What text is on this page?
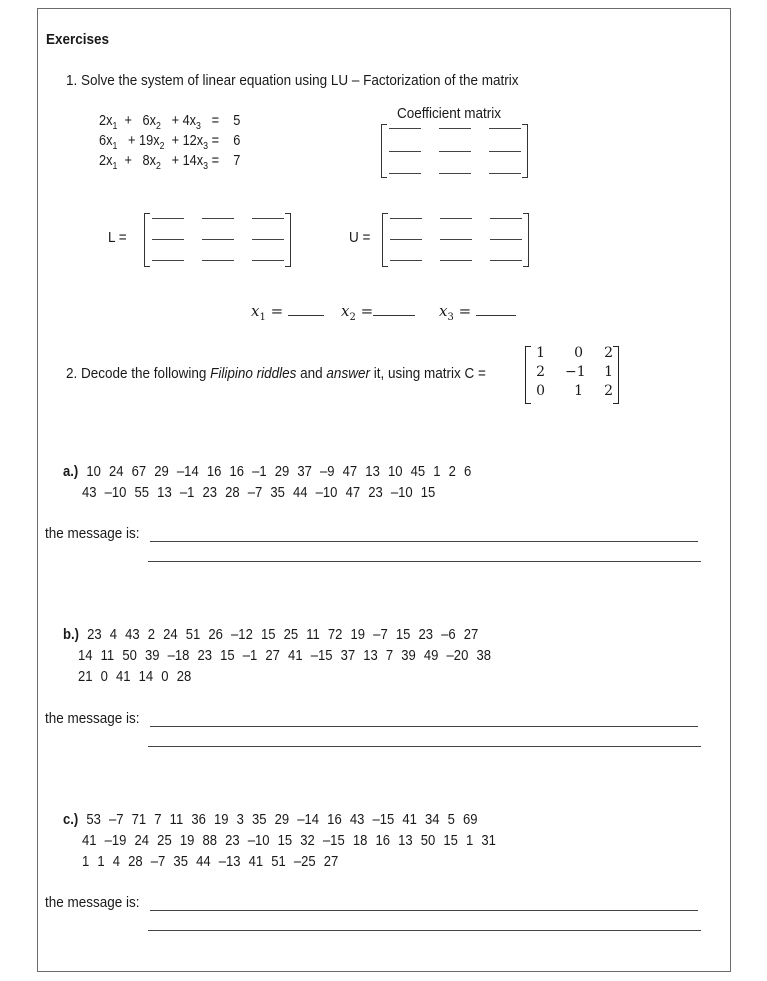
Exercises
1. Solve the system of linear equation using LU – Factorization of the matrix
$2x_1 + 6x_2 + 4x_3$   =    5
$6x_1 + 19x_2 + 12x_3$ =    6
$2x_1 + 8x_2 + 14x_3$ =    7
Coefficient matrix
L =	U =
$x_1$ =	$x_2$ =	$x_3$ =
2. Decode the following Filipino riddles and answer it, using matrix C =
1	0	2
2 −1	1
0	1	2
a.) 10 24 67 29 –14 16 16 –1 29 37 –9 47 13 10 45 1 2 6
43 –10 55 13 –1 23 28 –7 35 44 –10 47 23 –10 15
the message is:
b.) 23 4 43 2 24 51 26 –12 15 25 11 72 19 –7 15 23 –6 27
14 11 50 39 –18 23 15 –1 27 41 –15 37 13 7 39 49 –20 38
21 0 41 14 0 28
the message is:
c.) 53 –7 71 7 11 36 19 3 35 29 –14 16 43 –15 41 34 5 69
41 –19 24 25 19 88 23 –10 15 32 –15 18 16 13 50 15 1 31
1 1 4 28 –7 35 44 –13 41 51 –25 27
the message is:
